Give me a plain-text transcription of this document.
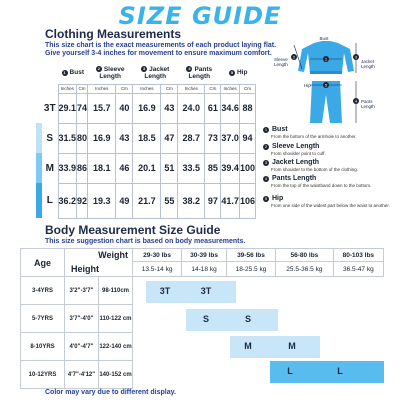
SIZE GUIDE
Clothing Measurements
This size chart is the exact measurements of each product laying flat.
Give yourself 3-4 inches for movement to ensure maximum comfort.
	1 Bust		2 Sleeve Length		3 Jacket Length		4 Pants Length		5 Hip	
	Inches	Cm	Inches	Cm	Inches	Cm	Inches	Cm	Inches	Cm
3T	29.1	74	15.7	40	16.9	43	24.0	61	34.6	88
S	31.5	80	16.9	43	18.5	47	28.7	73	37.0	94
M	33.9	86	18.1	46	20.1	51	33.5	85	39.4	100
L	36.2	92	19.3	49	21.7	55	38.2	97	41.7	106
1
2	3
4
5
Bust
Sleeve Length
Jacket Length
Pants Length
Hip
1 Bust
From the bottom of the armhole to another.
2 Sleeve Length
From shoulder point to cuff.
3 Jacket Length
From shoulder to the bottom of the clothing.
4 Pants Length
From the top of the waistband down to the bottom.
5 Hip
From one side of the widest part below the waist to another.
Body Measurement Size Guide
This size suggestion chart is based on body measurements.
Age	Weight		29-30 lbs	30-39 lbs	39-56 lbs	56-80 lbs	80-103 lbs
	Height		13.5-14 kg	14-18 kg	18-25.5 kg	25.5-36.5 kg	36.5-47 kg
3-4YRS	3'2"-3'7"	98-110cm					
5-7YRS	3'7"-4'0"	110-122 cm					
8-10YRS	4'0"-4'7"	122-140 cm					
10-12YRS	4'7"-4'12"	140-152 cm					
3T	3T
S	S
M	M
L	L
Color may vary due to different display.
